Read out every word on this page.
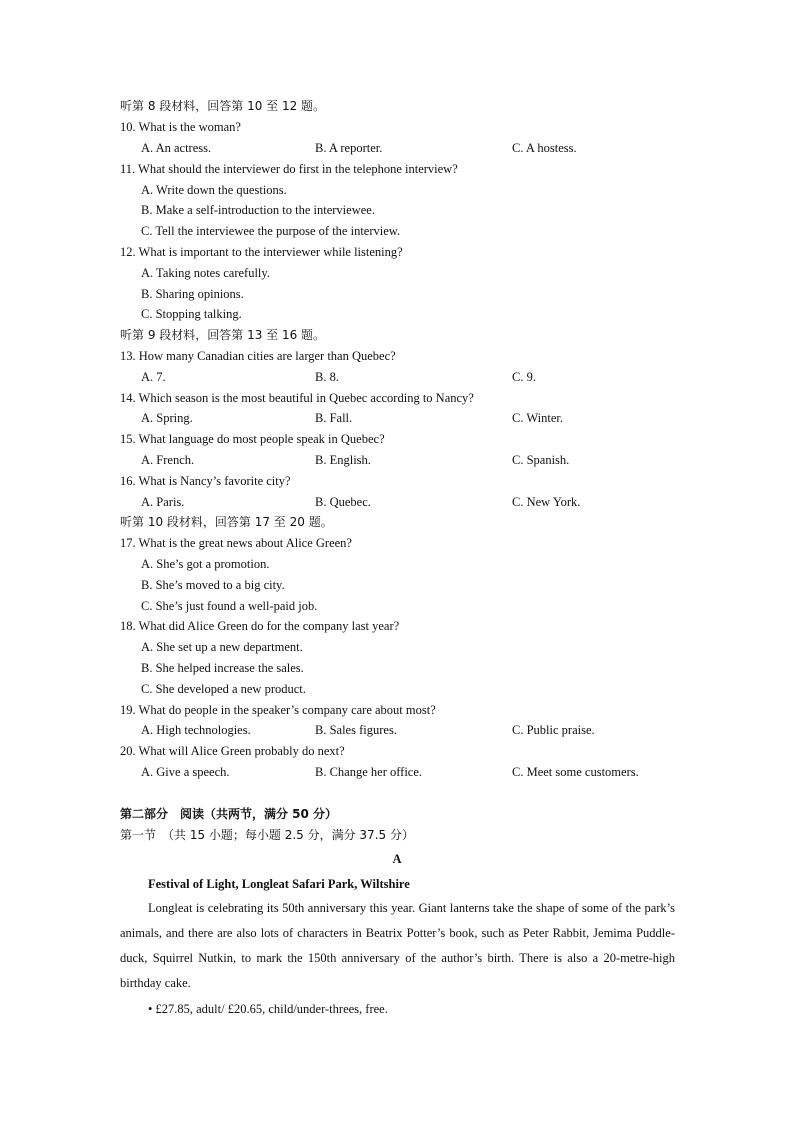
听第 8 段材料，回答第 10 至 12 题。
10. What is the woman?
A. An actress.	B. A reporter.	C. A hostess.
11. What should the interviewer do first in the telephone interview?
A. Write down the questions.
B. Make a self-introduction to the interviewee.
C. Tell the interviewee the purpose of the interview.
12. What is important to the interviewer while listening?
A. Taking notes carefully.
B. Sharing opinions.
C. Stopping talking.
听第 9 段材料，回答第 13 至 16 题。
13. How many Canadian cities are larger than Quebec?
A. 7.	B. 8.	C. 9.
14. Which season is the most beautiful in Quebec according to Nancy?
A. Spring.	B. Fall.	C. Winter.
15. What language do most people speak in Quebec?
A. French.	B. English.	C. Spanish.
16. What is Nancy’s favorite city?
A. Paris.	B. Quebec.	C. New York.
听第 10 段材料，回答第 17 至 20 题。
17. What is the great news about Alice Green?
A. She’s got a promotion.
B. She’s moved to a big city.
C. She’s just found a well-paid job.
18. What did Alice Green do for the company last year?
A. She set up a new department.
B. She helped increase the sales.
C. She developed a new product.
19. What do people in the speaker’s company care about most?
A. High technologies.	B. Sales figures.	C. Public praise.
20. What will Alice Green probably do next?
A. Give a speech.	B. Change her office.	C. Meet some customers.
第二部分　阅读（共两节，满分 50 分）
第一节　（共 15 小题；每小题 2.5 分，满分 37.5 分）
A
Festival of Light, Longleat Safari Park, Wiltshire
Longleat is celebrating its 50th anniversary this year. Giant lanterns take the shape of some of the park’s animals, and there are also lots of characters in Beatrix Potter’s book, such as Peter Rabbit, Jemima Puddle-duck, Squirrel Nutkin, to mark the 150th anniversary of the author’s birth. There is also a 20-metre-high birthday cake.
• £27.85, adult/ £20.65, child/under-threes, free.
